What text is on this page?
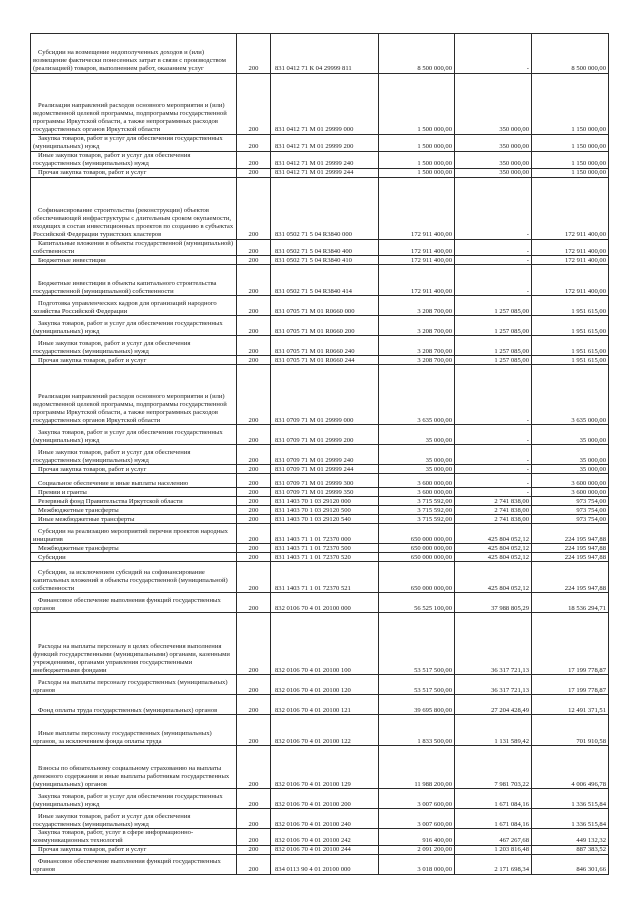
Субсидии на возмещение недополученных доходов и (или) возмещение фактически понесенных затрат в связи с производством (реализацией) товаров, выполнением работ, оказанием услуг	200	831 0412 71 К 04 29999 811	8 500 000,00	-	8 500 000,00
Реализация направлений расходов основного мероприятия и (или) ведомственной целевой программы, подпрограммы государственной программы Иркутской области, а также непрограммных расходов государственных органов Иркутской области	200	831 0412 71 М 01 29999 000	1 500 000,00	350 000,00	1 150 000,00
Закупка товаров, работ и услуг для обеспечения государственных (муниципальных) нужд	200	831 0412 71 М 01 29999 200	1 500 000,00	350 000,00	1 150 000,00
Иные закупки товаров, работ и услуг для обеспечения государственных (муниципальных) нужд	200	831 0412 71 М 01 29999 240	1 500 000,00	350 000,00	1 150 000,00
Прочая закупка товаров, работ и услуг	200	831 0412 71 М 01 29999 244	1 500 000,00	350 000,00	1 150 000,00
Софинансирование строительства (реконструкции) объектов обеспечивающей инфраструктуры с длительным сроком окупаемости, входящих в состав инвестиционных проектов по созданию в субъектах Российской Федерации туристских кластеров	200	831 0502 71 5 04 R3840 000	172 911 400,00	-	172 911 400,00
Капитальные вложения в объекты государственной (муниципальной) собственности	200	831 0502 71 5 04 R3840 400	172 911 400,00	-	172 911 400,00
Бюджетные инвестиции	200	831 0502 71 5 04 R3840 410	172 911 400,00	-	172 911 400,00
Бюджетные инвестиции в объекты капитального строительства государственной (муниципальной) собственности	200	831 0502 71 5 04 R3840 414	172 911 400,00	-	172 911 400,00
Подготовка управленческих кадров для организаций народного хозяйства Российской Федерации	200	831 0705 71 М 01 R0660 000	3 208 700,00	1 257 085,00	1 951 615,00
Закупка товаров, работ и услуг для обеспечения государственных (муниципальных) нужд	200	831 0705 71 М 01 R0660 200	3 208 700,00	1 257 085,00	1 951 615,00
Иные закупки товаров, работ и услуг для обеспечения государственных (муниципальных) нужд	200	831 0705 71 М 01 R0660 240	3 208 700,00	1 257 085,00	1 951 615,00
Прочая закупка товаров, работ и услуг	200	831 0705 71 М 01 R0660 244	3 208 700,00	1 257 085,00	1 951 615,00
Реализация направлений расходов основного мероприятия и (или) ведомственной целевой программы, подпрограммы государственной программы Иркутской области, а также непрограммных расходов государственных органов Иркутской области	200	831 0709 71 М 01 29999 000	3 635 000,00	-	3 635 000,00
Закупка товаров, работ и услуг для обеспечения государственных (муниципальных) нужд	200	831 0709 71 М 01 29999 200	35 000,00	-	35 000,00
Иные закупки товаров, работ и услуг для обеспечения государственных (муниципальных) нужд	200	831 0709 71 М 01 29999 240	35 000,00	-	35 000,00
Прочая закупка товаров, работ и услуг	200	831 0709 71 М 01 29999 244	35 000,00	-	35 000,00
Социальное обеспечение и иные выплаты населению	200	831 0709 71 М 01 29999 300	3 600 000,00	-	3 600 000,00
Премии и гранты	200	831 0709 71 М 01 29999 350	3 600 000,00	-	3 600 000,00
Резервный фонд Правительства Иркутской области	200	831 1403 70 1 03 29120 000	3 715 592,00	2 741 838,00	973 754,00
Межбюджетные трансферты	200	831 1403 70 1 03 29120 500	3 715 592,00	2 741 838,00	973 754,00
Иные межбюджетные трансферты	200	831 1403 70 1 03 29120 540	3 715 592,00	2 741 838,00	973 754,00
Субсидии на реализацию мероприятий перечня проектов народных инициатив	200	831 1403 71 1 01 72370 000	650 000 000,00	425 804 052,12	224 195 947,88
Межбюджетные трансферты	200	831 1403 71 1 01 72370 500	650 000 000,00	425 804 052,12	224 195 947,88
Субсидии	200	831 1403 71 1 01 72370 520	650 000 000,00	425 804 052,12	224 195 947,88
Субсидии, за исключением субсидий на софинансирование капитальных вложений в объекты государственной (муниципальной) собственности	200	831 1403 71 1 01 72370 521	650 000 000,00	425 804 052,12	224 195 947,88
Финансовое обеспечение выполнения функций государственных органов	200	832 0106 70 4 01 20100 000	56 525 100,00	37 988 805,29	18 536 294,71
Расходы на выплаты персоналу в целях обеспечения выполнения функций государственными (муниципальными) органами, казенными учреждениями, органами управления государственными внебюджетными фондами	200	832 0106 70 4 01 20100 100	53 517 500,00	36 317 721,13	17 199 778,87
Расходы на выплаты персоналу государственных (муниципальных) органов	200	832 0106 70 4 01 20100 120	53 517 500,00	36 317 721,13	17 199 778,87
Фонд оплаты труда государственных (муниципальных) органов	200	832 0106 70 4 01 20100 121	39 695 800,00	27 204 428,49	12 491 371,51
Иные выплаты персоналу государственных (муниципальных) органов, за исключением фонда оплаты труда	200	832 0106 70 4 01 20100 122	1 833 500,00	1 131 589,42	701 910,58
Взносы по обязательному социальному страхованию на выплаты денежного содержания и иные выплаты работникам государственных (муниципальных) органов	200	832 0106 70 4 01 20100 129	11 988 200,00	7 981 703,22	4 006 496,78
Закупка товаров, работ и услуг для обеспечения государственных (муниципальных) нужд	200	832 0106 70 4 01 20100 200	3 007 600,00	1 671 084,16	1 336 515,84
Иные закупки товаров, работ и услуг для обеспечения государственных (муниципальных) нужд	200	832 0106 70 4 01 20100 240	3 007 600,00	1 671 084,16	1 336 515,84
Закупка товаров, работ, услуг в сфере информационно-коммуникационных технологий	200	832 0106 70 4 01 20100 242	916 400,00	467 267,68	449 132,32
Прочая закупка товаров, работ и услуг	200	832 0106 70 4 01 20100 244	2 091 200,00	1 203 816,48	887 383,52
Финансовое обеспечение выполнения функций государственных органов	200	834 0113 90 4 01 20100 000	3 018 000,00	2 171 698,34	846 301,66
